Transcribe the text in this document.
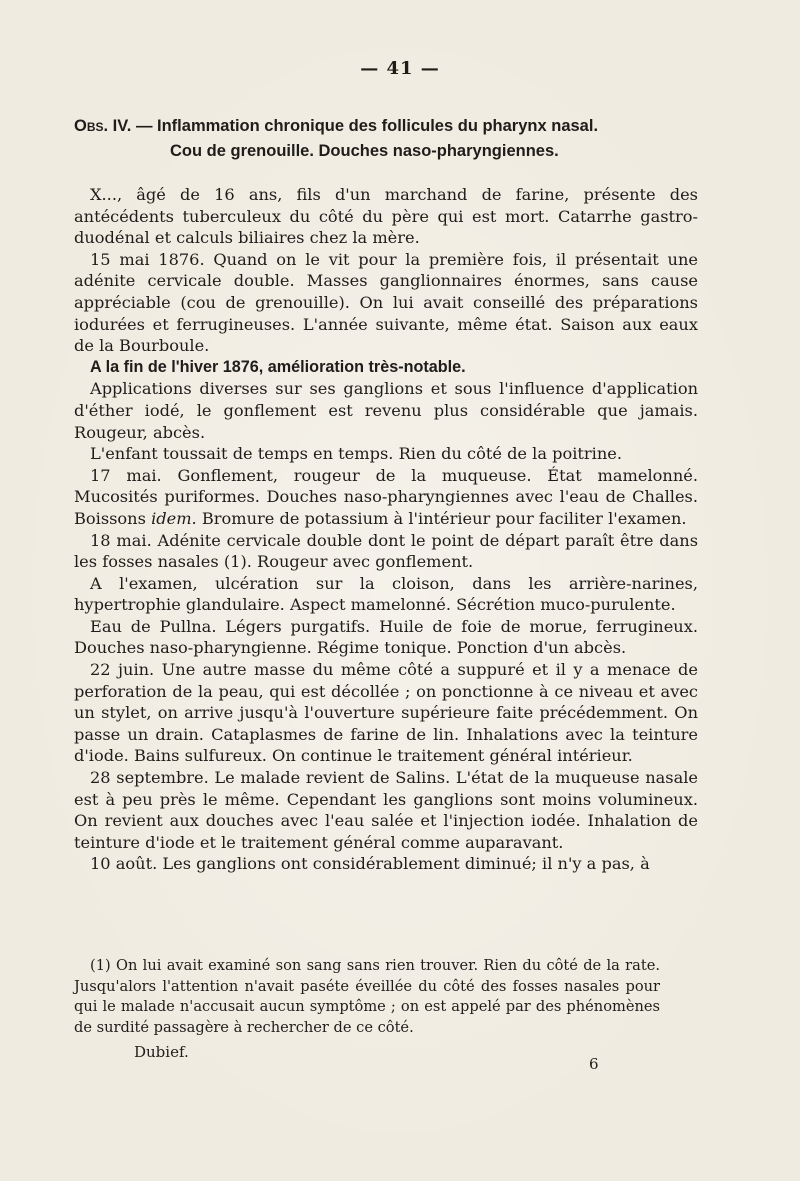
— 41 —

Obs. IV. — Inflammation chronique des follicules du pharynx nasal.

Cou de grenouille. Douches naso-pharyngiennes.

X..., âgé de 16 ans, fils d'un marchand de farine, présente des antécédents tuberculeux du côté du père qui est mort. Catarrhe gastro-duodénal et calculs biliaires chez la mère.

15 mai 1876. Quand on le vit pour la première fois, il présentait une adénite cervicale double. Masses ganglionnaires énormes, sans cause appréciable (cou de grenouille). On lui avait conseillé des préparations iodurées et ferrugineuses. L'année suivante, même état. Saison aux eaux de la Bourboule.

A la fin de l'hiver 1876, amélioration très-notable.

Applications diverses sur ses ganglions et sous l'influence d'application d'éther iodé, le gonflement est revenu plus considérable que jamais. Rougeur, abcès.

L'enfant toussait de temps en temps. Rien du côté de la poitrine.

17 mai. Gonflement, rougeur de la muqueuse. État mamelonné. Mucosités puriformes. Douches naso-pharyngiennes avec l'eau de Challes. Boissons idem. Bromure de potassium à l'intérieur pour faciliter l'examen.

18 mai. Adénite cervicale double dont le point de départ paraît être dans les fosses nasales (1). Rougeur avec gonflement.

A l'examen, ulcération sur la cloison, dans les arrière-narines, hypertrophie glandulaire. Aspect mamelonné. Sécrétion muco-purulente.

Eau de Pullna. Légers purgatifs. Huile de foie de morue, ferrugineux. Douches naso-pharyngienne. Régime tonique. Ponction d'un abcès.

22 juin. Une autre masse du même côté a suppuré et il y a menace de perforation de la peau, qui est décollée ; on ponctionne à ce niveau et avec un stylet, on arrive jusqu'à l'ouverture supérieure faite précédemment. On passe un drain. Cataplasmes de farine de lin. Inhalations avec la teinture d'iode. Bains sulfureux. On continue le traitement général intérieur.

28 septembre. Le malade revient de Salins. L'état de la muqueuse nasale est à peu près le même. Cependant les ganglions sont moins volumineux. On revient aux douches avec l'eau salée et l'injection iodée. Inhalation de teinture d'iode et le traitement général comme auparavant.

10 août. Les ganglions ont considérablement diminué; il n'y a pas, à

(1) On lui avait examiné son sang sans rien trouver. Rien du côté de la rate. Jusqu'alors l'attention n'avait paséte éveillée du côté des fosses nasales pour qui le malade n'accusait aucun symptôme ; on est appelé par des phénomènes de surdité passagère à rechercher de ce côté.

Dubief.
6
